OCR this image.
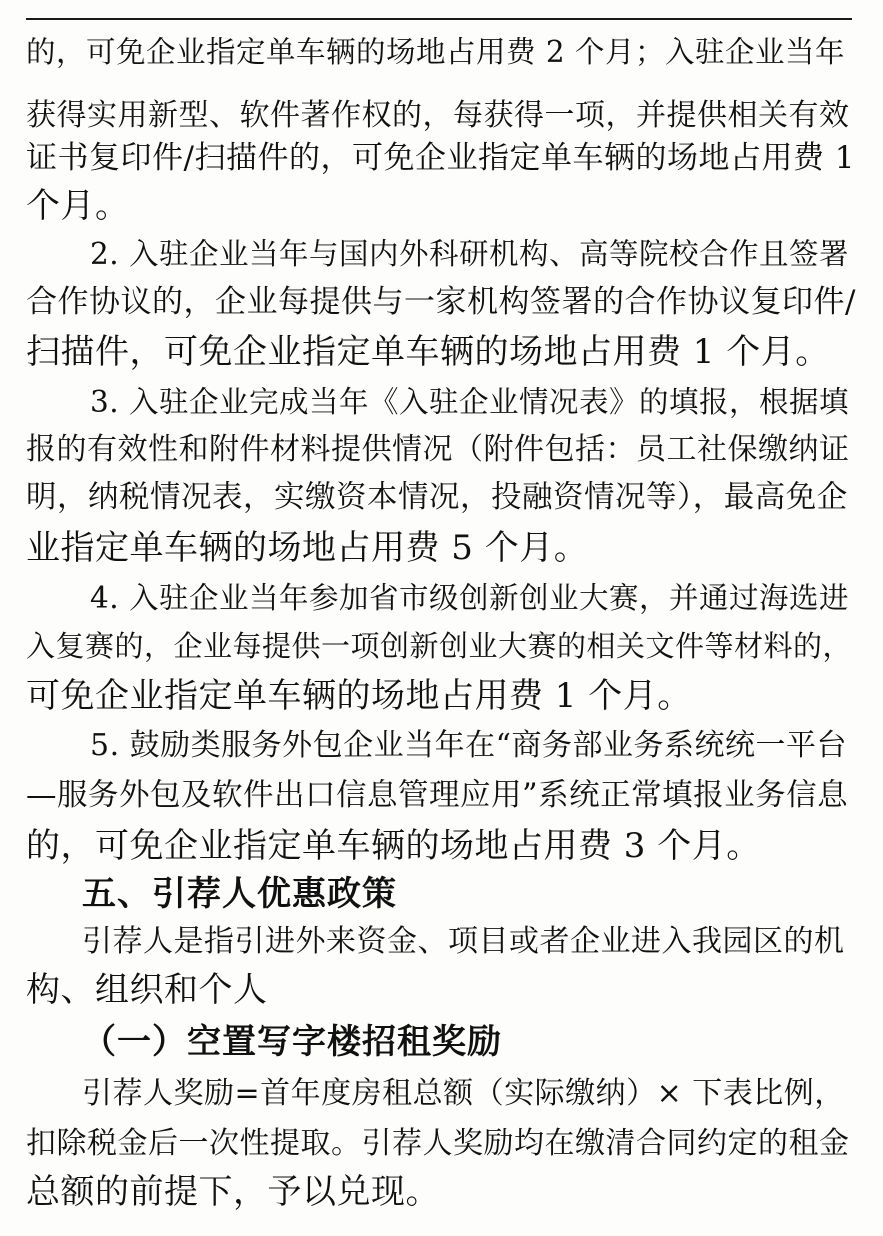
的，可免企业指定单车辆的场地占用费 2 个月；入驻企业当年
获得实用新型、软件著作权的，每获得一项，并提供相关有效
证书复印件/扫描件的，可免企业指定单车辆的场地占用费 1
个月。
2. 入驻企业当年与国内外科研机构、高等院校合作且签署
合作协议的，企业每提供与一家机构签署的合作协议复印件/
扫描件，可免企业指定单车辆的场地占用费 1 个月。
3. 入驻企业完成当年《入驻企业情况表》的填报，根据填
报的有效性和附件材料提供情况（附件包括：员工社保缴纳证
明，纳税情况表，实缴资本情况，投融资情况等），最高免企
业指定单车辆的场地占用费 5 个月。
4. 入驻企业当年参加省市级创新创业大赛，并通过海选进
入复赛的，企业每提供一项创新创业大赛的相关文件等材料的，
可免企业指定单车辆的场地占用费 1 个月。
5. 鼓励类服务外包企业当年在“商务部业务系统统一平台
—服务外包及软件出口信息管理应用”系统正常填报业务信息
的，可免企业指定单车辆的场地占用费 3 个月。
五、引荐人优惠政策
引荐人是指引进外来资金、项目或者企业进入我园区的机
构、组织和个人
（一）空置写字楼招租奖励
引荐人奖励=首年度房租总额（实际缴纳）× 下表比例，
扣除税金后一次性提取。引荐人奖励均在缴清合同约定的租金
总额的前提下，予以兑现。
